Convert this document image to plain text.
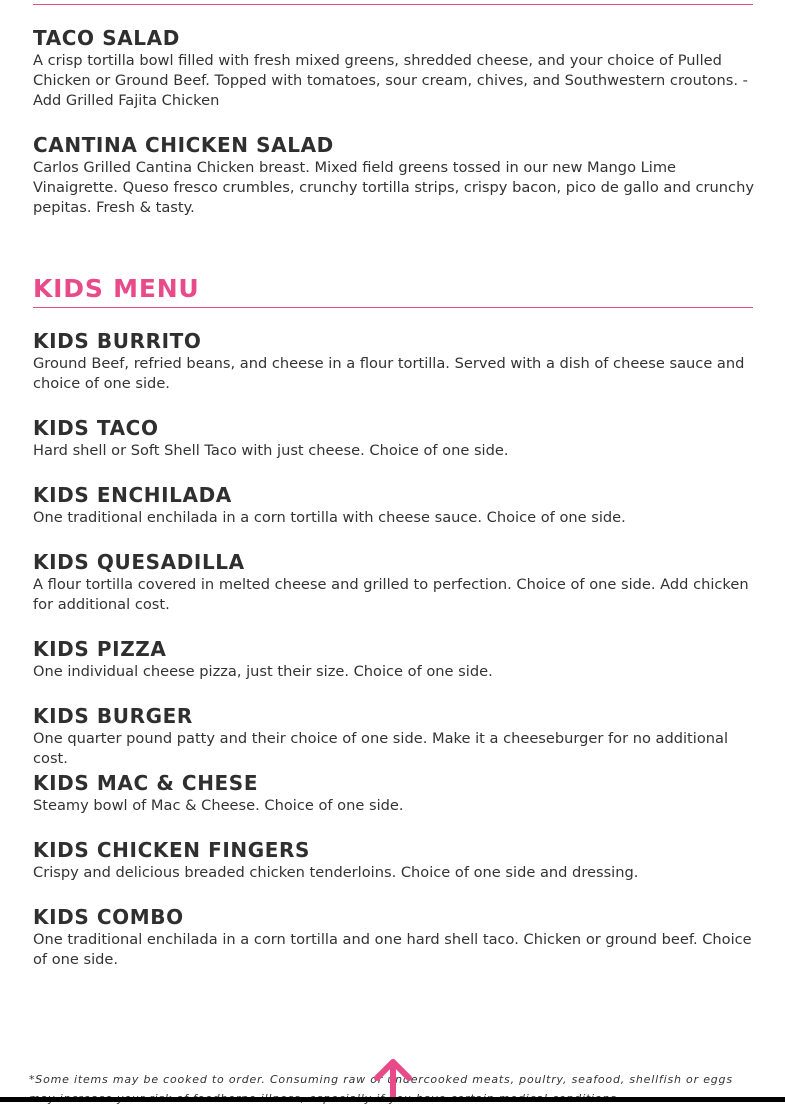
TACO SALAD

A crisp tortilla bowl filled with fresh mixed greens, shredded cheese, and your choice of Pulled Chicken or Ground Beef. Topped with tomatoes, sour cream, chives, and Southwestern croutons. - Add Grilled Fajita Chicken

CANTINA CHICKEN SALAD

Carlos Grilled Cantina Chicken breast. Mixed field greens tossed in our new Mango Lime Vinaigrette. Queso fresco crumbles, crunchy tortilla strips, crispy bacon, pico de gallo and crunchy pepitas. Fresh & tasty.

KIDS MENU
KIDS BURRITO

Ground Beef, refried beans, and cheese in a flour tortilla. Served with a dish of cheese sauce and choice of one side.

KIDS TACO

Hard shell or Soft Shell Taco with just cheese. Choice of one side.

KIDS ENCHILADA

One traditional enchilada in a corn tortilla with cheese sauce. Choice of one side.

KIDS QUESADILLA

A flour tortilla covered in melted cheese and grilled to perfection. Choice of one side. Add chicken for additional cost.

KIDS PIZZA

One individual cheese pizza, just their size. Choice of one side.

KIDS BURGER

One quarter pound patty and their choice of one side. Make it a cheeseburger for no additional cost.

KIDS MAC & CHESE

Steamy bowl of Mac & Cheese. Choice of one side.

KIDS CHICKEN FINGERS

Crispy and delicious breaded chicken tenderloins. Choice of one side and dressing.

KIDS COMBO

One traditional enchilada in a corn tortilla and one hard shell taco. Chicken or ground beef. Choice of one side.

*Some items may be cooked to order. Consuming raw or undercooked meats, poultry, seafood, shellfish or eggs
